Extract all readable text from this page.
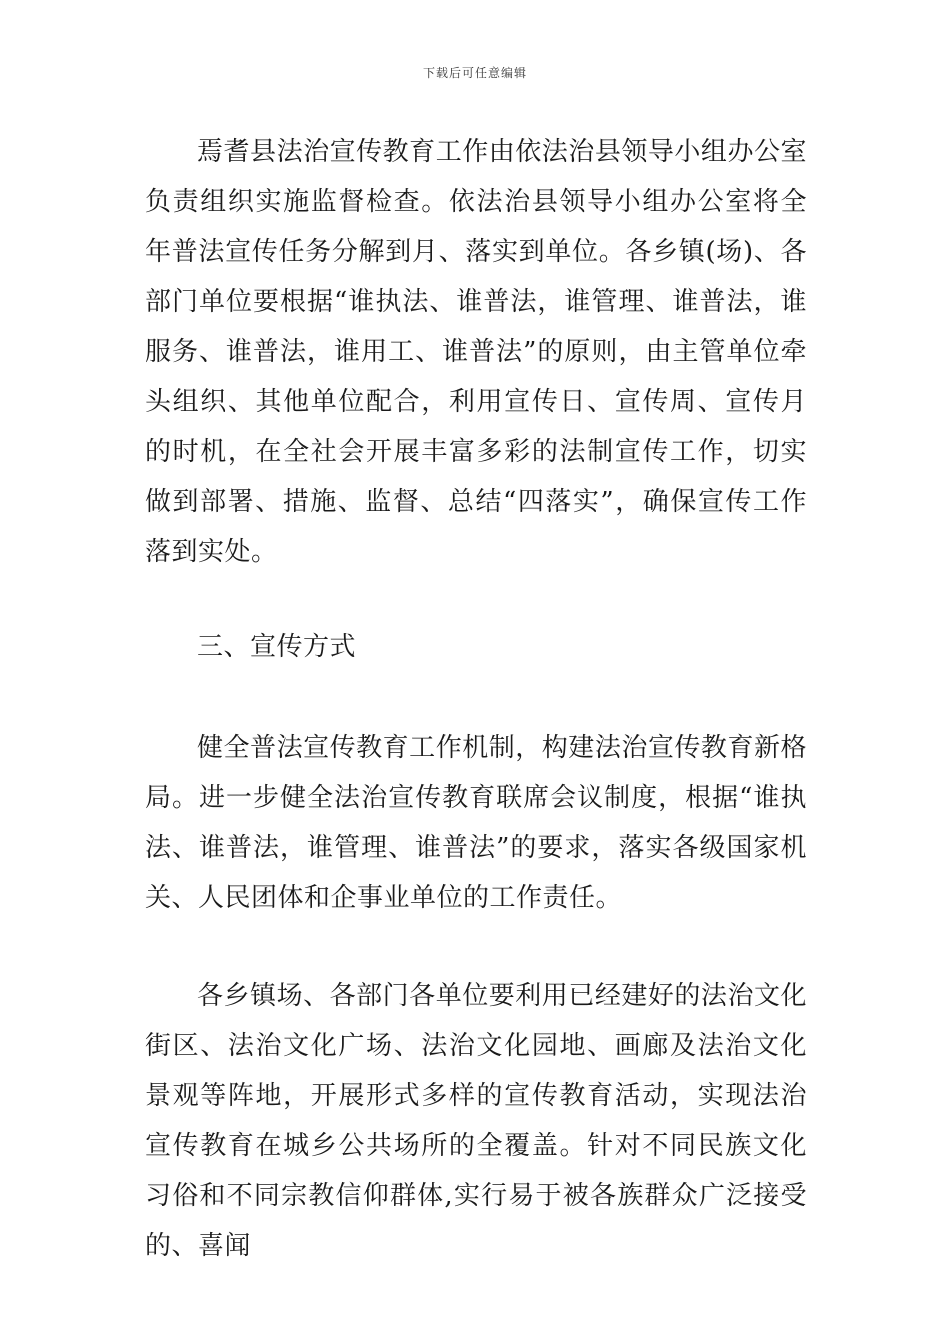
下载后可任意编辑

焉耆县法治宣传教育工作由依法治县领导小组办公室负责组织实施监督检查。依法治县领导小组办公室将全年普法宣传任务分解到月、落实到单位。各乡镇(场)、各部门单位要根据“谁执法、谁普法，谁管理、谁普法，谁服务、谁普法，谁用工、谁普法”的原则，由主管单位牵头组织、其他单位配合，利用宣传日、宣传周、宣传月的时机，在全社会开展丰富多彩的法制宣传工作，切实做到部署、措施、监督、总结“四落实”，确保宣传工作落到实处。

三、宣传方式

健全普法宣传教育工作机制，构建法治宣传教育新格局。进一步健全法治宣传教育联席会议制度，根据“谁执法、谁普法，谁管理、谁普法”的要求，落实各级国家机关、人民团体和企事业单位的工作责任。

各乡镇场、各部门各单位要利用已经建好的法治文化街区、法治文化广场、法治文化园地、画廊及法治文化景观等阵地，开展形式多样的宣传教育活动，实现法治宣传教育在城乡公共场所的全覆盖。针对不同民族文化习俗和不同宗教信仰群体,实行易于被各族群众广泛接受的、喜闻
